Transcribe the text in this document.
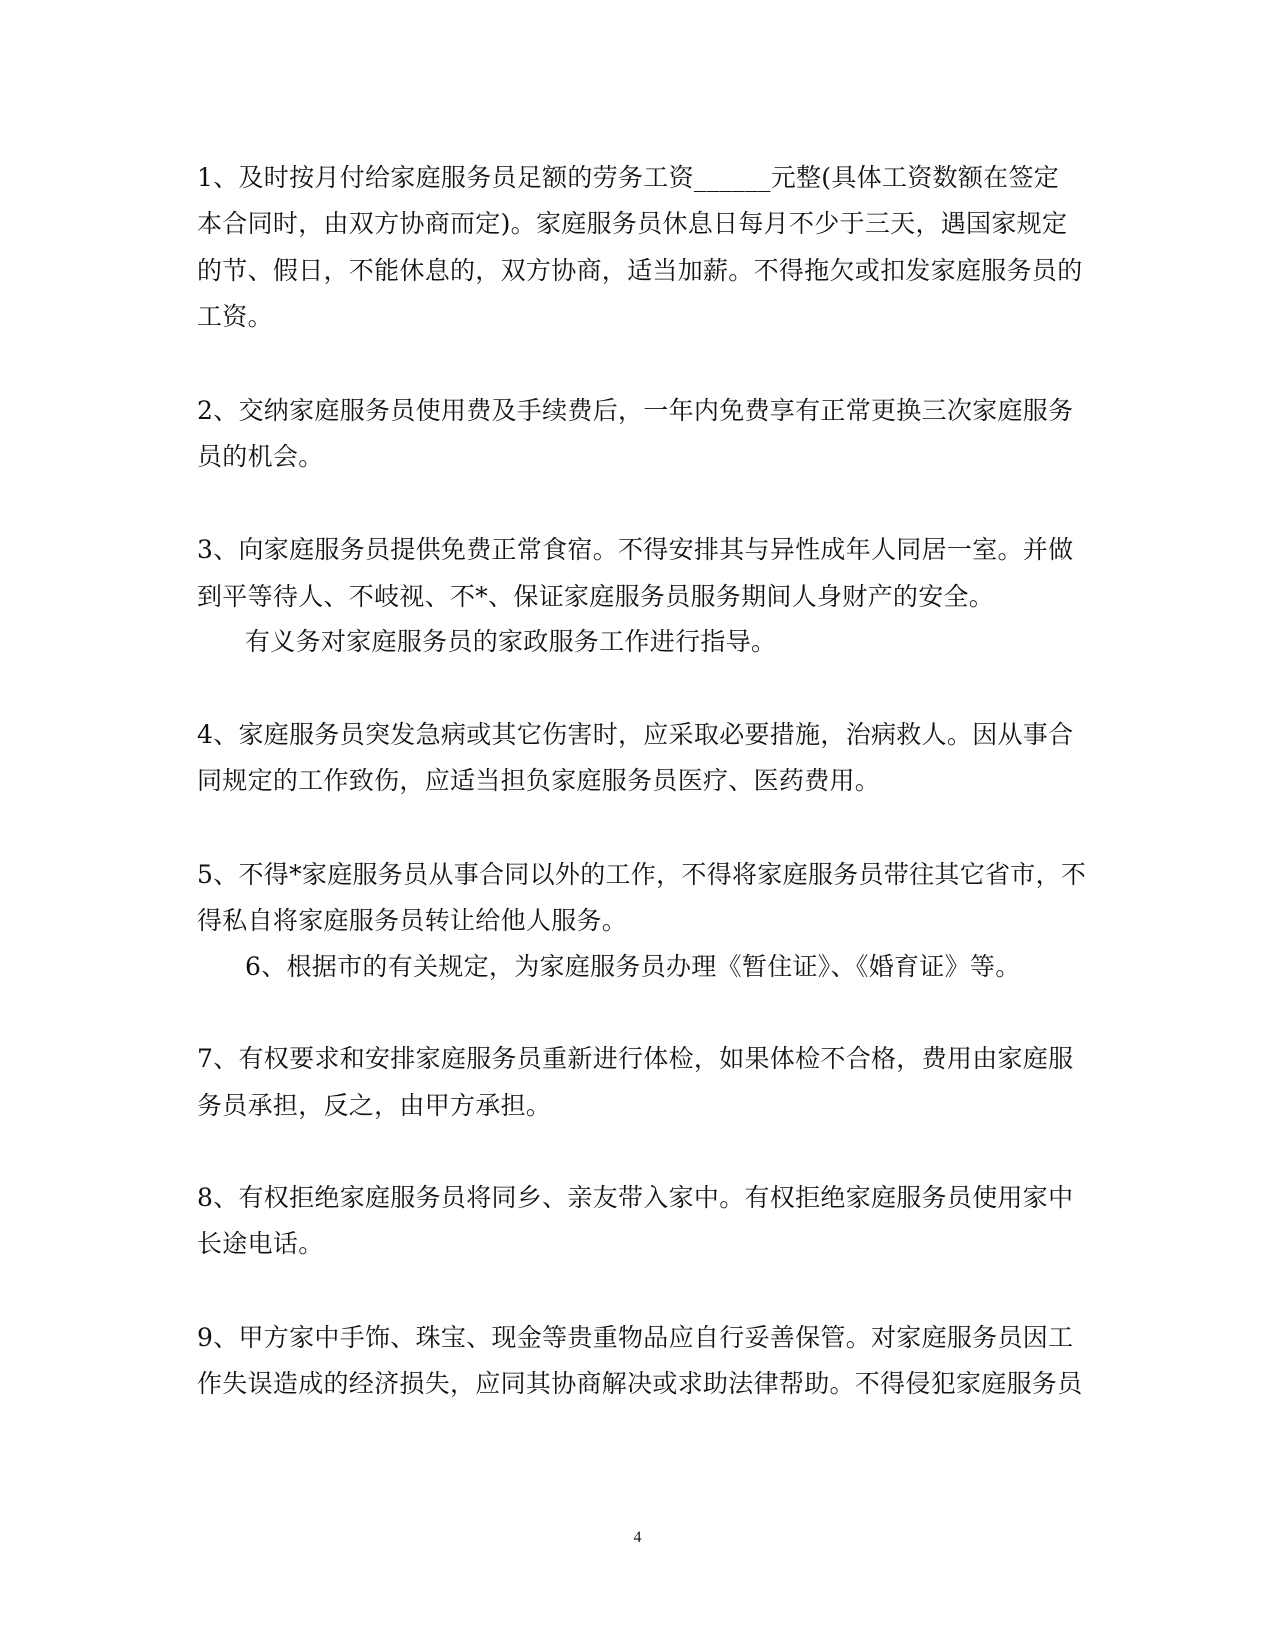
1、及时按月付给家庭服务员足额的劳务工资______元整(具体工资数额在签定

本合同时，由双方协商而定)。家庭服务员休息日每月不少于三天，遇国家规定

的节、假日，不能休息的，双方协商，适当加薪。不得拖欠或扣发家庭服务员的

工资。

2、交纳家庭服务员使用费及手续费后，一年内免费享有正常更换三次家庭服务

员的机会。

3、向家庭服务员提供免费正常食宿。不得安排其与异性成年人同居一室。并做

到平等待人、不岐视、不*、保证家庭服务员服务期间人身财产的安全。

有义务对家庭服务员的家政服务工作进行指导。

4、家庭服务员突发急病或其它伤害时，应采取必要措施，治病救人。因从事合

同规定的工作致伤，应适当担负家庭服务员医疗、医药费用。

5、不得*家庭服务员从事合同以外的工作，不得将家庭服务员带往其它省市，不

得私自将家庭服务员转让给他人服务。

6、根据市的有关规定，为家庭服务员办理《暂住证》、《婚育证》等。

7、有权要求和安排家庭服务员重新进行体检，如果体检不合格，费用由家庭服

务员承担，反之，由甲方承担。

8、有权拒绝家庭服务员将同乡、亲友带入家中。有权拒绝家庭服务员使用家中

长途电话。

9、甲方家中手饰、珠宝、现金等贵重物品应自行妥善保管。对家庭服务员因工

作失误造成的经济损失，应同其协商解决或求助法律帮助。不得侵犯家庭服务员

4
